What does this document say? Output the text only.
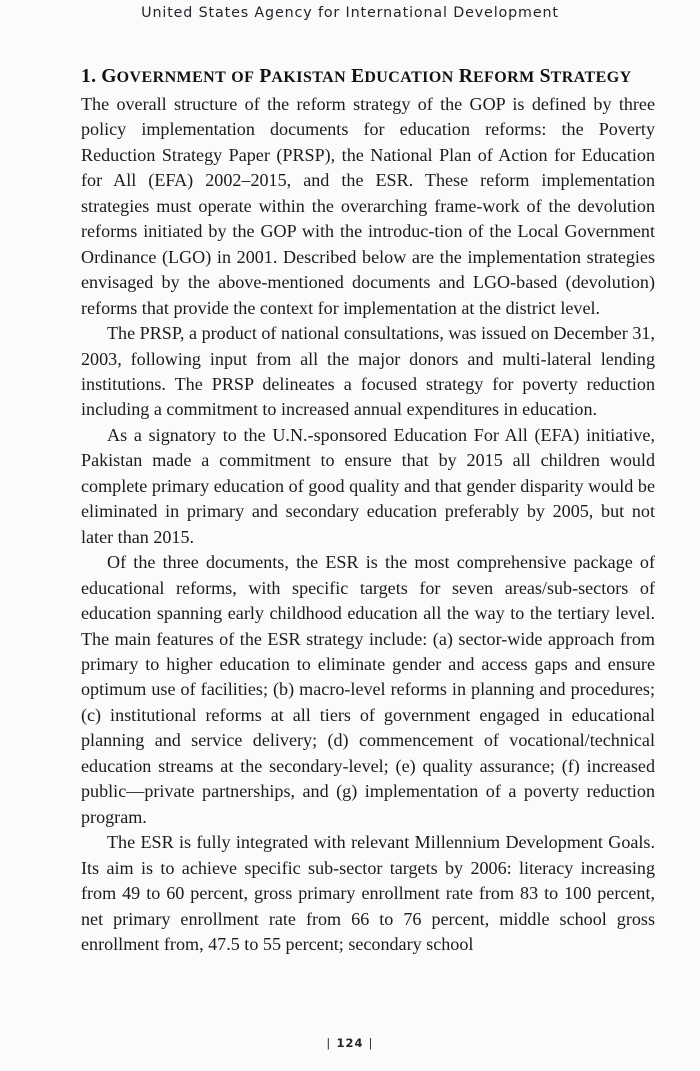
United States Agency for International Development
1. GOVERNMENT OF PAKISTAN EDUCATION REFORM STRATEGY

The overall structure of the reform strategy of the GOP is defined by three policy implementation documents for education reforms: the Poverty Reduction Strategy Paper (PRSP), the National Plan of Action for Education for All (EFA) 2002–2015, and the ESR. These reform implementation strategies must operate within the overarching frame-work of the devolution reforms initiated by the GOP with the introduc-tion of the Local Government Ordinance (LGO) in 2001. Described below are the implementation strategies envisaged by the above-mentioned documents and LGO-based (devolution) reforms that provide the context for implementation at the district level.

The PRSP, a product of national consultations, was issued on December 31, 2003, following input from all the major donors and multi-lateral lending institutions. The PRSP delineates a focused strategy for poverty reduction including a commitment to increased annual expenditures in education.

As a signatory to the U.N.-sponsored Education For All (EFA) initiative, Pakistan made a commitment to ensure that by 2015 all children would complete primary education of good quality and that gender disparity would be eliminated in primary and secondary education preferably by 2005, but not later than 2015.

Of the three documents, the ESR is the most comprehensive package of educational reforms, with specific targets for seven areas/sub-sectors of education spanning early childhood education all the way to the tertiary level. The main features of the ESR strategy include: (a) sector-wide approach from primary to higher education to eliminate gender and access gaps and ensure optimum use of facilities; (b) macro-level reforms in planning and procedures; (c) institutional reforms at all tiers of government engaged in educational planning and service delivery; (d) commencement of vocational/technical education streams at the secondary-level; (e) quality assurance; (f) increased public—private partnerships, and (g) implementation of a poverty reduction program.

The ESR is fully integrated with relevant Millennium Development Goals. Its aim is to achieve specific sub-sector targets by 2006: literacy increasing from 49 to 60 percent, gross primary enrollment rate from 83 to 100 percent, net primary enrollment rate from 66 to 76 percent, middle school gross enrollment from, 47.5 to 55 percent; secondary school

| 124 |
